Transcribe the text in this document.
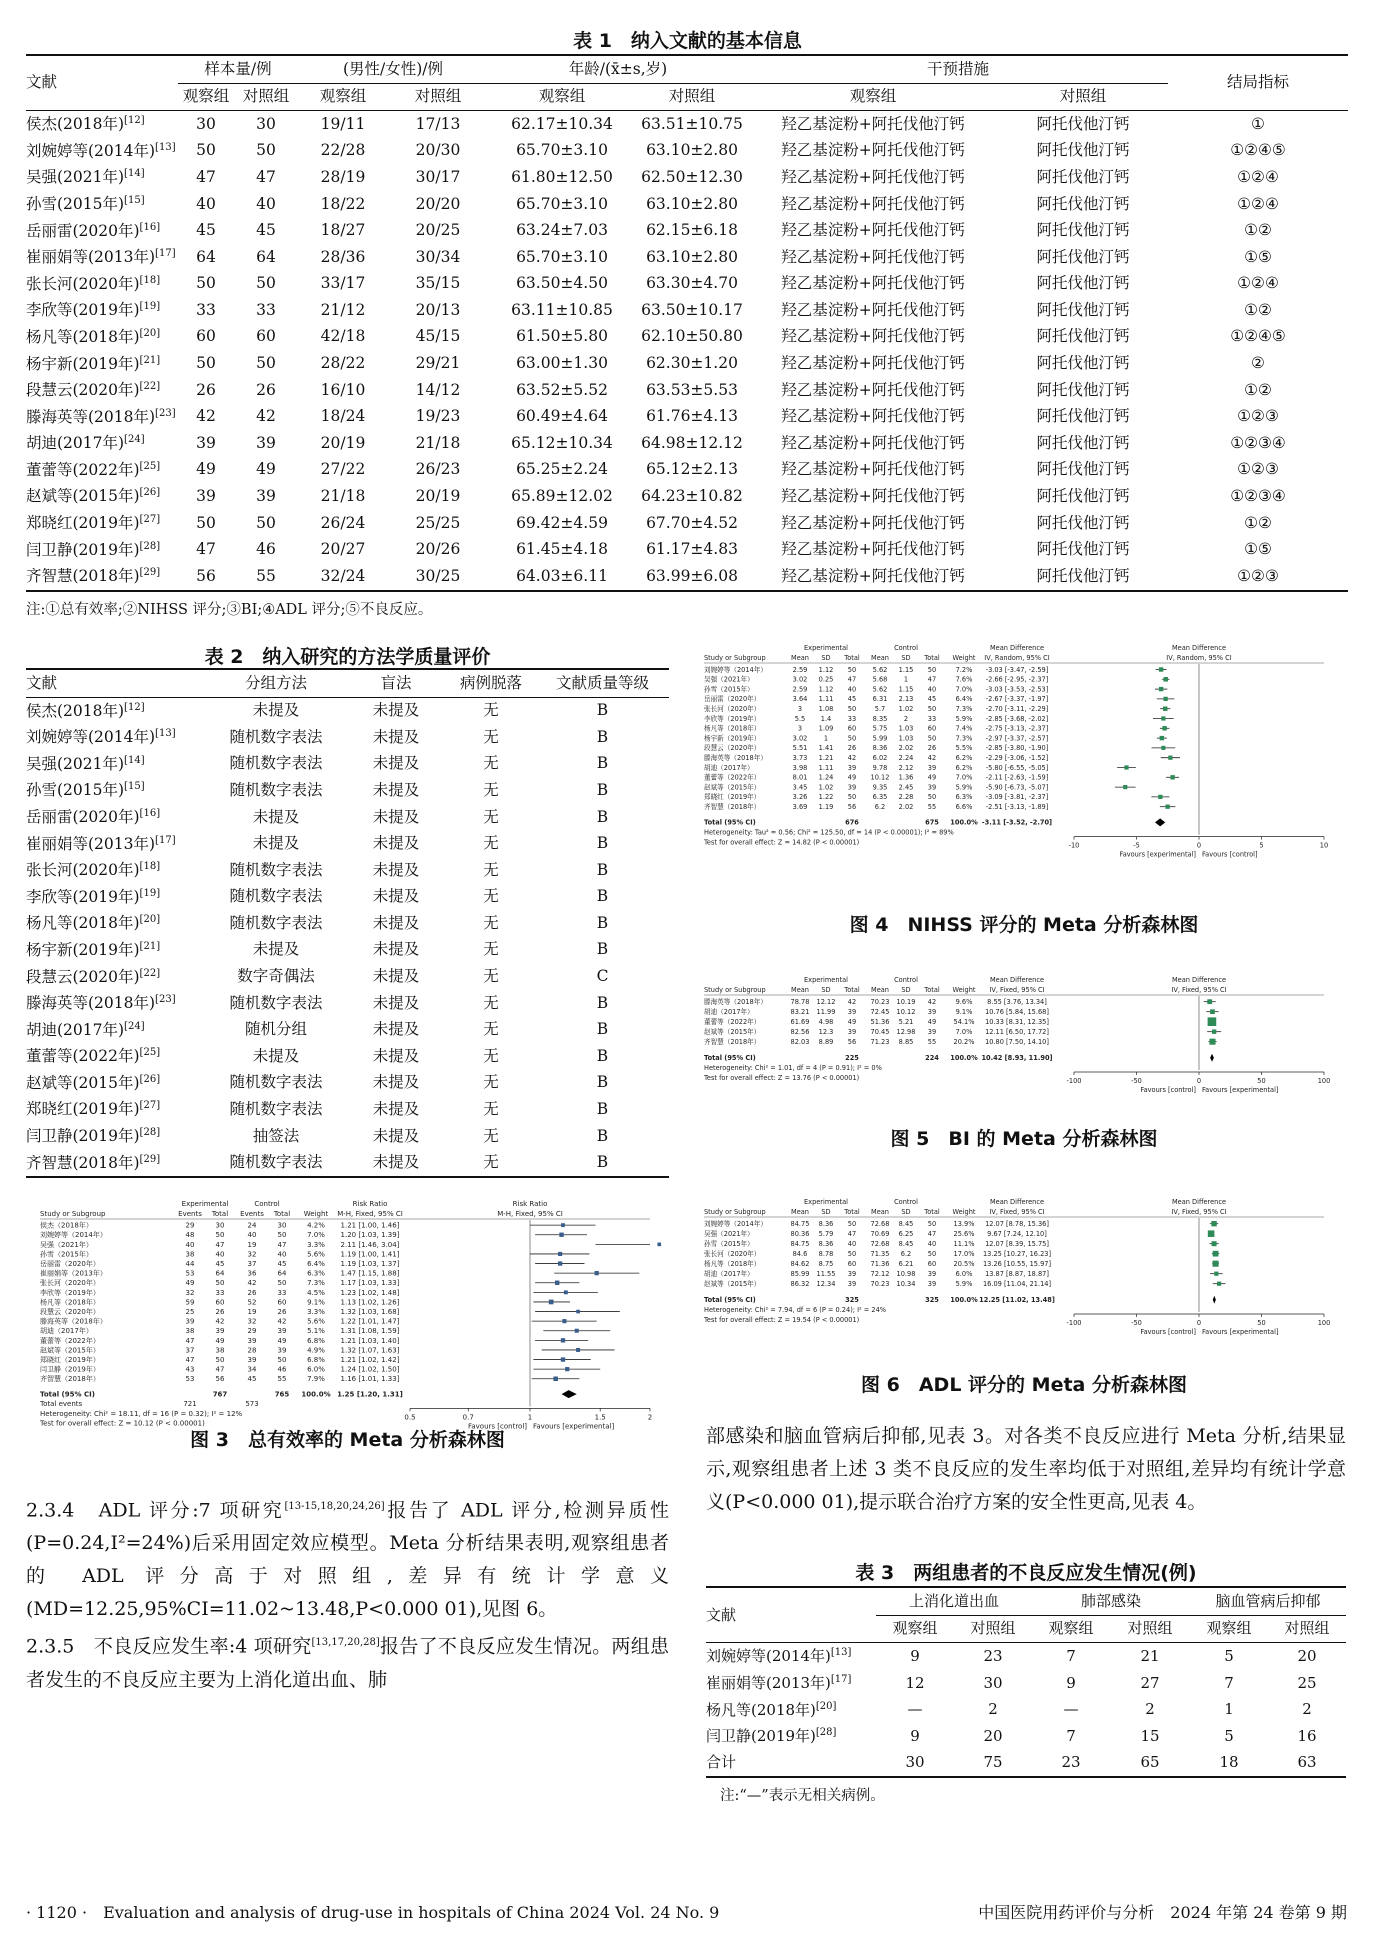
表 1　纳入文献的基本信息
文献	样本量/例		(男性/女性)/例		年龄/(x̄±s,岁)		干预措施		结局指标
	观察组	对照组	观察组	对照组	观察组	对照组	观察组	对照组	
侯杰(2018年)[12]	30	30	19/11	17/13	62.17±10.34	63.51±10.75	羟乙基淀粉+阿托伐他汀钙	阿托伐他汀钙	①
刘婉婷等(2014年)[13]	50	50	22/28	20/30	65.70±3.10	63.10±2.80	羟乙基淀粉+阿托伐他汀钙	阿托伐他汀钙	①②④⑤
吴强(2021年)[14]	47	47	28/19	30/17	61.80±12.50	62.50±12.30	羟乙基淀粉+阿托伐他汀钙	阿托伐他汀钙	①②④
孙雪(2015年)[15]	40	40	18/22	20/20	65.70±3.10	63.10±2.80	羟乙基淀粉+阿托伐他汀钙	阿托伐他汀钙	①②④
岳丽雷(2020年)[16]	45	45	18/27	20/25	63.24±7.03	62.15±6.18	羟乙基淀粉+阿托伐他汀钙	阿托伐他汀钙	①②
崔丽娟等(2013年)[17]	64	64	28/36	30/34	65.70±3.10	63.10±2.80	羟乙基淀粉+阿托伐他汀钙	阿托伐他汀钙	①⑤
张长河(2020年)[18]	50	50	33/17	35/15	63.50±4.50	63.30±4.70	羟乙基淀粉+阿托伐他汀钙	阿托伐他汀钙	①②④
李欣等(2019年)[19]	33	33	21/12	20/13	63.11±10.85	63.50±10.17	羟乙基淀粉+阿托伐他汀钙	阿托伐他汀钙	①②
杨凡等(2018年)[20]	60	60	42/18	45/15	61.50±5.80	62.10±50.80	羟乙基淀粉+阿托伐他汀钙	阿托伐他汀钙	①②④⑤
杨宇新(2019年)[21]	50	50	28/22	29/21	63.00±1.30	62.30±1.20	羟乙基淀粉+阿托伐他汀钙	阿托伐他汀钙	②
段慧云(2020年)[22]	26	26	16/10	14/12	63.52±5.52	63.53±5.53	羟乙基淀粉+阿托伐他汀钙	阿托伐他汀钙	①②
滕海英等(2018年)[23]	42	42	18/24	19/23	60.49±4.64	61.76±4.13	羟乙基淀粉+阿托伐他汀钙	阿托伐他汀钙	①②③
胡迪(2017年)[24]	39	39	20/19	21/18	65.12±10.34	64.98±12.12	羟乙基淀粉+阿托伐他汀钙	阿托伐他汀钙	①②③④
董蕾等(2022年)[25]	49	49	27/22	26/23	65.25±2.24	65.12±2.13	羟乙基淀粉+阿托伐他汀钙	阿托伐他汀钙	①②③
赵斌等(2015年)[26]	39	39	21/18	20/19	65.89±12.02	64.23±10.82	羟乙基淀粉+阿托伐他汀钙	阿托伐他汀钙	①②③④
郑晓红(2019年)[27]	50	50	26/24	25/25	69.42±4.59	67.70±4.52	羟乙基淀粉+阿托伐他汀钙	阿托伐他汀钙	①②
闫卫静(2019年)[28]	47	46	20/27	20/26	61.45±4.18	61.17±4.83	羟乙基淀粉+阿托伐他汀钙	阿托伐他汀钙	①⑤
齐智慧(2018年)[29]	56	55	32/24	30/25	64.03±6.11	63.99±6.08	羟乙基淀粉+阿托伐他汀钙	阿托伐他汀钙	①②③
注:①总有效率;②NIHSS 评分;③BI;④ADL 评分;⑤不良反应。
表 2　纳入研究的方法学质量评价
文献	分组方法	盲法	病例脱落	文献质量等级
侯杰(2018年)[12]	未提及	未提及	无	B
刘婉婷等(2014年)[13]	随机数字表法	未提及	无	B
吴强(2021年)[14]	随机数字表法	未提及	无	B
孙雪(2015年)[15]	随机数字表法	未提及	无	B
岳丽雷(2020年)[16]	未提及	未提及	无	B
崔丽娟等(2013年)[17]	未提及	未提及	无	B
张长河(2020年)[18]	随机数字表法	未提及	无	B
李欣等(2019年)[19]	随机数字表法	未提及	无	B
杨凡等(2018年)[20]	随机数字表法	未提及	无	B
杨宇新(2019年)[21]	未提及	未提及	无	B
段慧云(2020年)[22]	数字奇偶法	未提及	无	C
滕海英等(2018年)[23]	随机数字表法	未提及	无	B
胡迪(2017年)[24]	随机分组	未提及	无	B
董蕾等(2022年)[25]	未提及	未提及	无	B
赵斌等(2015年)[26]	随机数字表法	未提及	无	B
郑晓红(2019年)[27]	随机数字表法	未提及	无	B
闫卫静(2019年)[28]	抽签法	未提及	无	B
齐智慧(2018年)[29]	随机数字表法	未提及	无	B
Experimental	Control	Risk Ratio	Risk Ratio
Study or Subgroup	Events Total Events Total Weight M-H, Fixed, 95% CI	M-H, Fixed, 95% CI
侯杰（2018年）	29	30	24	30	4.2% 1.21 [1.00, 1.46]
刘婉婷等（2014年）	48	50	40	50	7.0% 1.20 [1.03, 1.39]
吴强（2021年）	40	47	19	47	3.3% 2.11 [1.46, 3.04]
孙雪（2015年）	38	40	32	40	5.6% 1.19 [1.00, 1.41]
岳丽雷（2020年）	44	45	37	45	6.4% 1.19 [1.03, 1.37]
崔丽娟等（2013年）	53	64	36	64	6.3% 1.47 [1.15, 1.88]
张长河（2020年）	49	50	42	50	7.3% 1.17 [1.03, 1.33]
李欣等（2019年）	32	33	26	33	4.5% 1.23 [1.02, 1.48]
杨凡等（2018年）	59	60	52	60	9.1% 1.13 [1.02, 1.26]
段慧云（2020年）	25	26	19	26	3.3% 1.32 [1.03, 1.68]
滕海英等（2018年）	39	42	32	42	5.6% 1.22 [1.01, 1.47]
胡迪（2017年）	38	39	29	39	5.1% 1.31 [1.08, 1.59]
董蕾等（2022年）	47	49	39	49	6.8% 1.21 [1.03, 1.40]
赵斌等（2015年）	37	38	28	39	4.9% 1.32 [1.07, 1.63]
郑晓红（2019年）	47	50	39	50	6.8% 1.21 [1.02, 1.42]
闫卫静（2019年）	43	47	34	46	6.0% 1.24 [1.02, 1.50]
齐智慧（2018年）	53	56	45	55	7.9% 1.16 [1.01, 1.33]
Total (95% CI)	767	765 100.0% 1.25 [1.20, 1.31]
Total events	721	573
Heterogeneity: Chi² = 18.11, df = 16 (P = 0.32); I² = 12%
Test for overall effect: Z = 10.12 (P < 0.00001)
0.5	0.7	1	1.5	2
Favours [control] Favours [experimental]
图 3　总有效率的 Meta 分析森林图
Experimental	Control	Mean Difference	Mean Difference
Study or Subgroup	Mean SD Total Mean SD Total Weight IV, Random, 95% CI	IV, Random, 95% CI
刘婉婷等（2014年）	2.59 1.12 50 5.62 1.15 50	7.2% -3.03 [-3.47, -2.59]
吴强（2021年）	3.02 0.25 47 5.68	1	47	7.6% -2.66 [-2.95, -2.37]
孙雪（2015年）	2.59 1.12 40 5.62 1.15 40	7.0% -3.03 [-3.53, -2.53]
岳丽雷（2020年）	3.64 1.11 45 6.31 2.13 45	6.4% -2.67 [-3.37, -1.97]
张长河（2020年）	3	1.08 50	5.7 1.02 50	7.3% -2.70 [-3.11, -2.29]
李欣等（2019年）	5.5 1.4	33 8.35	2	33	5.9% -2.85 [-3.68, -2.02]
杨凡等（2018年）	3	1.09 60 5.75 1.03 60	7.4% -2.75 [-3.13, -2.37]
杨宇新（2019年）	3.02	1	50 5.99 1.03 50	7.3% -2.97 [-3.37, -2.57]
段慧云（2020年）	5.51 1.41 26 8.36 2.02 26	5.5% -2.85 [-3.80, -1.90]
滕海英等（2018年）	3.73 1.21 42 6.02 2.24 42	6.2% -2.29 [-3.06, -1.52]
胡迪（2017年）	3.98 1.11 39 9.78 2.12 39	6.2% -5.80 [-6.55, -5.05]
董蕾等（2022年）	8.01 1.24 49 10.12 1.36 49	7.0% -2.11 [-2.63, -1.59]
赵斌等（2015年）	3.45 1.02 39 9.35 2.45 39	5.9% -5.90 [-6.73, -5.07]
郑晓红（2019年）	3.26 1.22 50 6.35 2.28 50	6.3% -3.09 [-3.81, -2.37]
齐智慧（2018年）	3.69 1.19 56	6.2 2.02 55	6.6% -2.51 [-3.13, -1.89]
Total (95% CI)	676	675 100.0% -3.11 [-3.52, -2.70]
Heterogeneity: Tau² = 0.56; Chi² = 125.50, df = 14 (P < 0.00001); I² = 89%
Test for overall effect: Z = 14.82 (P < 0.00001)	-10	-5	0	5	10
Favours [experimental] Favours [control]
图 4　NIHSS 评分的 Meta 分析森林图
Experimental	Control	Mean Difference	Mean Difference
Study or Subgroup	Mean SD Total Mean SD Total Weight IV, Fixed, 95% CI	IV, Fixed, 95% CI
滕海英等（2018年）	78.78 12.12 42 70.23 10.19 42	9.6% 8.55 [3.76, 13.34]
胡迪（2017年）	83.21 11.99 39 72.45 10.12 39	9.1% 10.76 [5.84, 15.68]
董蕾等（2022年）	61.69 4.98 49 51.36 5.21 49	54.1% 10.33 [8.31, 12.35]
赵斌等（2015年）	82.56 12.3 39 70.45 12.98 39	7.0% 12.11 [6.50, 17.72]
齐智慧（2018年）	82.03 8.89 56 71.23 8.85 55	20.2% 10.80 [7.50, 14.10]
Total (95% CI)	225	224 100.0% 10.42 [8.93, 11.90]
Heterogeneity: Chi² = 1.01, df = 4 (P = 0.91); I² = 0%
Test for overall effect: Z = 13.76 (P < 0.00001)	-100	-50	0	50	100
Favours [control] Favours [experimental]
图 5　BI 的 Meta 分析森林图
Experimental	Control	Mean Difference	Mean Difference
Study or Subgroup	Mean SD Total Mean SD Total Weight IV, Fixed, 95% CI	IV, Fixed, 95% CI
刘婉婷等（2014年）	84.75 8.36 50 72.68 8.45 50	13.9% 12.07 [8.78, 15.36]
吴强（2021年）	80.36 5.79 47 70.69 6.25 47	25.6% 9.67 [7.24, 12.10]
孙雪（2015年）	84.75 8.36 40 72.68 8.45 40	11.1% 12.07 [8.39, 15.75]
张长河（2020年）	84.6 8.78 50 71.35 6.2	50	17.0% 13.25 [10.27, 16.23]
杨凡等（2018年）	84.62 8.75 60 71.36 6.21 60	20.5% 13.26 [10.55, 15.97]
胡迪（2017年）	85.99 11.55 39 72.12 10.98 39	6.0% 13.87 [8.87, 18.87]
赵斌等（2015年）	86.32 12.34 39 70.23 10.34 39	5.9% 16.09 [11.04, 21.14]
Total (95% CI)	325	325 100.0% 12.25 [11.02, 13.48]
Heterogeneity: Chi² = 7.94, df = 6 (P = 0.24); I² = 24%
Test for overall effect: Z = 19.54 (P < 0.00001)	-100	-50	0	50	100
Favours [control] Favours [experimental]
图 6　ADL 评分的 Meta 分析森林图

2.3.4　ADL 评分:7 项研究[13-15,18,20,24,26]报告了 ADL 评分,检测异质性(P=0.24,I²=24%)后采用固定效应模型。Meta 分析结果表明,观察组患者的 ADL 评分高于对照组,差异有统计学意义(MD=12.25,95%CI=11.02~13.48,P<0.000 01),见图 6。

2.3.5　不良反应发生率:4 项研究[13,17,20,28]报告了不良反应发生情况。两组患者发生的不良反应主要为上消化道出血、肺

部感染和脑血管病后抑郁,见表 3。对各类不良反应进行 Meta 分析,结果显示,观察组患者上述 3 类不良反应的发生率均低于对照组,差异均有统计学意义(P<0.000 01),提示联合治疗方案的安全性更高,见表 4。

表 3　两组患者的不良反应发生情况(例)
文献	上消化道出血		肺部感染		脑血管病后抑郁	
	观察组	对照组	观察组	对照组	观察组	对照组
刘婉婷等(2014年)[13]	9	23	7	21	5	20
崔丽娟等(2013年)[17]	12	30	9	27	7	25
杨凡等(2018年)[20]	—	2	—	2	1	2
闫卫静(2019年)[28]	9	20	7	15	5	16
合计	30	75	23	65	18	63
注:“—”表示无相关病例。
· 1120 ·　Evaluation and analysis of drug-use in hospitals of China 2024 Vol. 24 No. 9	中国医院用药评价与分析　2024 年第 24 卷第 9 期
